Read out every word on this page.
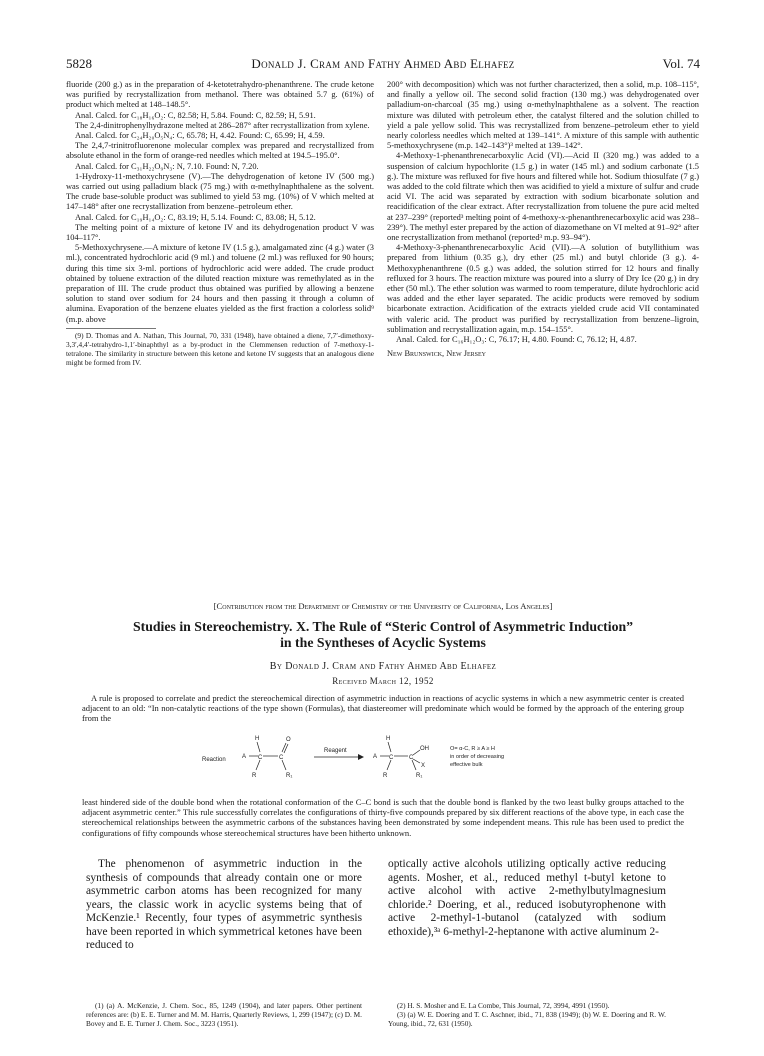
5828	Donald J. Cram and Fathy Ahmed Abd Elhafez	Vol. 74

fluoride (200 g.) as in the preparation of 4-ketotetrahydro-phenanthrene. The crude ketone was purified by recrystallization from methanol. There was obtained 5.7 g. (61%) of product which melted at 148–148.5°.

Anal. Calcd. for C₁₈H₁₆O₂: C, 82.58; H, 5.84. Found: C, 82.59; H, 5.91.

The 2,4-dinitrophenylhydrazone melted at 286–287° after recrystallization from xylene.

Anal. Calcd. for C₂₄H₂₀O₅N₄: C, 65.78; H, 4.42. Found: C, 65.99; H, 4.59.

The 2,4,7-trinitrofluorenone molecular complex was prepared and recrystallized from absolute ethanol in the form of orange-red needles which melted at 194.5–195.0°.

Anal. Calcd. for C₃₁H₂₂O₉N₃: N, 7.10. Found: N, 7.20.

1-Hydroxy-11-methoxychrysene (V).—The dehydrogenation of ketone IV (500 mg.) was carried out using palladium black (75 mg.) with α-methylnaphthalene as the solvent. The crude base-soluble product was sublimed to yield 53 mg. (10%) of V which melted at 147–148° after one recrystallization from benzene–petroleum ether.

Anal. Calcd. for C₁₉H₁₄O₂: C, 83.19; H, 5.14. Found: C, 83.08; H, 5.12.

The melting point of a mixture of ketone IV and its dehydrogenation product V was 104–117°.

5-Methoxychrysene.—A mixture of ketone IV (1.5 g.), amalgamated zinc (4 g.) water (3 ml.), concentrated hydrochloric acid (9 ml.) and toluene (2 ml.) was refluxed for 90 hours; during this time six 3-ml. portions of hydrochloric acid were added. The crude product obtained by toluene extraction of the diluted reaction mixture was remethylated as in the preparation of III. The crude product thus obtained was purified by allowing a benzene solution to stand over sodium for 24 hours and then passing it through a column of alumina. Evaporation of the benzene eluates yielded as the first fraction a colorless solid⁹ (m.p. above

(9) D. Thomas and A. Nathan, This Journal, 70, 331 (1948), have obtained a diene, 7,7′-dimethoxy-3,3′,4,4′-tetrahydro-1,1′-binaphthyl as a by-product in the Clemmensen reduction of 7-methoxy-1-tetralone. The similarity in structure between this ketone and ketone IV suggests that an analogous diene might be formed from IV.

200° with decomposition) which was not further characterized, then a solid, m.p. 108–115°, and finally a yellow oil. The second solid fraction (130 mg.) was dehydrogenated over palladium-on-charcoal (35 mg.) using α-methylnaphthalene as a solvent. The reaction mixture was diluted with petroleum ether, the catalyst filtered and the solution chilled to yield a pale yellow solid. This was recrystallized from benzene–petroleum ether to yield nearly colorless needles which melted at 139–141°. A mixture of this sample with authentic 5-methoxychrysene (m.p. 142–143°)³ melted at 139–142°.

4-Methoxy-1-phenanthrenecarboxylic Acid (VI).—Acid II (320 mg.) was added to a suspension of calcium hypochlorite (1.5 g.) in water (145 ml.) and sodium carbonate (1.5 g.). The mixture was refluxed for five hours and filtered while hot. Sodium thiosulfate (7 g.) was added to the cold filtrate which then was acidified to yield a mixture of sulfur and crude acid VI. The acid was separated by extraction with sodium bicarbonate solution and reacidification of the clear extract. After recrystallization from toluene the pure acid melted at 237–239° (reported³ melting point of 4-methoxy-x-phenanthrenecarboxylic acid was 238–239°). The methyl ester prepared by the action of diazomethane on VI melted at 91–92° after one recrystallization from methanol (reported³ m.p. 93–94°).

4-Methoxy-3-phenanthrenecarboxylic Acid (VII).—A solution of butyllithium was prepared from lithium (0.35 g.), dry ether (25 ml.) and butyl chloride (3 g.). 4-Methoxyphenanthrene (0.5 g.) was added, the solution stirred for 12 hours and finally refluxed for 3 hours. The reaction mixture was poured into a slurry of Dry Ice (20 g.) in dry ether (50 ml.). The ether solution was warmed to room temperature, dilute hydrochloric acid was added and the ether layer separated. The acidic products were removed by sodium bicarbonate extraction. Acidification of the extracts yielded crude acid VII contaminated with valeric acid. The product was purified by recrystallization from benzene–ligroin, sublimation and recrystallization again, m.p. 154–155°.

Anal. Calcd. for C₁₆H₁₂O₃: C, 76.17; H, 4.80. Found: C, 76.12; H, 4.87.

New Brunswick, New Jersey
[Contribution from the Department of Chemistry of the University of California, Los Angeles]
Studies in Stereochemistry. X. The Rule of “Steric Control of Asymmetric Induction”
in the Syntheses of Acyclic Systems
By Donald J. Cram and Fathy Ahmed Abd Elhafez
Received March 12, 1952

A rule is proposed to correlate and predict the stereochemical direction of asymmetric induction in reactions of acyclic systems in which a new asymmetric center is created adjacent to an old: “In non-catalytic reactions of the type shown (Formulas), that diastereomer will predominate which would be formed by the approach of the entering group from the

Reaction
H
A C	C
O
R	R₁
Reagent
H
A C	C
OH
X
R	R₁
O= α-C, R ≥ A ≥ H
in order of decreasing
effective bulk

least hindered side of the double bond when the rotational conformation of the C–C bond is such that the double bond is flanked by the two least bulky groups attached to the adjacent asymmetric center.” This rule successfully correlates the configurations of thirty-five compounds prepared by six different reactions of the above type, in each case the stereochemical relationships between the asymmetric carbons of the substances having been demonstrated by some independent means. This rule has been used to predict the configurations of fifty compounds whose stereochemical structures have been hitherto unknown.

The phenomenon of asymmetric induction in the synthesis of compounds that already contain one or more asymmetric carbon atoms has been recognized for many years, the classic work in acyclic systems being that of McKenzie.¹ Recently, four types of asymmetric synthesis have been reported in which symmetrical ketones have been reduced to

optically active alcohols utilizing optically active reducing agents. Mosher, et al., reduced methyl t-butyl ketone to active alcohol with active 2-methylbutylmagnesium chloride.² Doering, et al., reduced isobutyrophenone with active 2-methyl-1-butanol (catalyzed with sodium ethoxide),³ᵃ 6-methyl-2-heptanone with active aluminum 2-

(1) (a) A. McKenzie, J. Chem. Soc., 85, 1249 (1904), and later papers. Other pertinent references are: (b) E. E. Turner and M. M. Harris, Quarterly Reviews, 1, 299 (1947); (c) D. M. Bovey and E. E. Turner J. Chem. Soc., 3223 (1951).

(2) H. S. Mosher and E. La Combe, This Journal, 72, 3994, 4991 (1950).

(3) (a) W. E. Doering and T. C. Aschner, ibid., 71, 838 (1949); (b) W. E. Doering and R. W. Young, ibid., 72, 631 (1950).
